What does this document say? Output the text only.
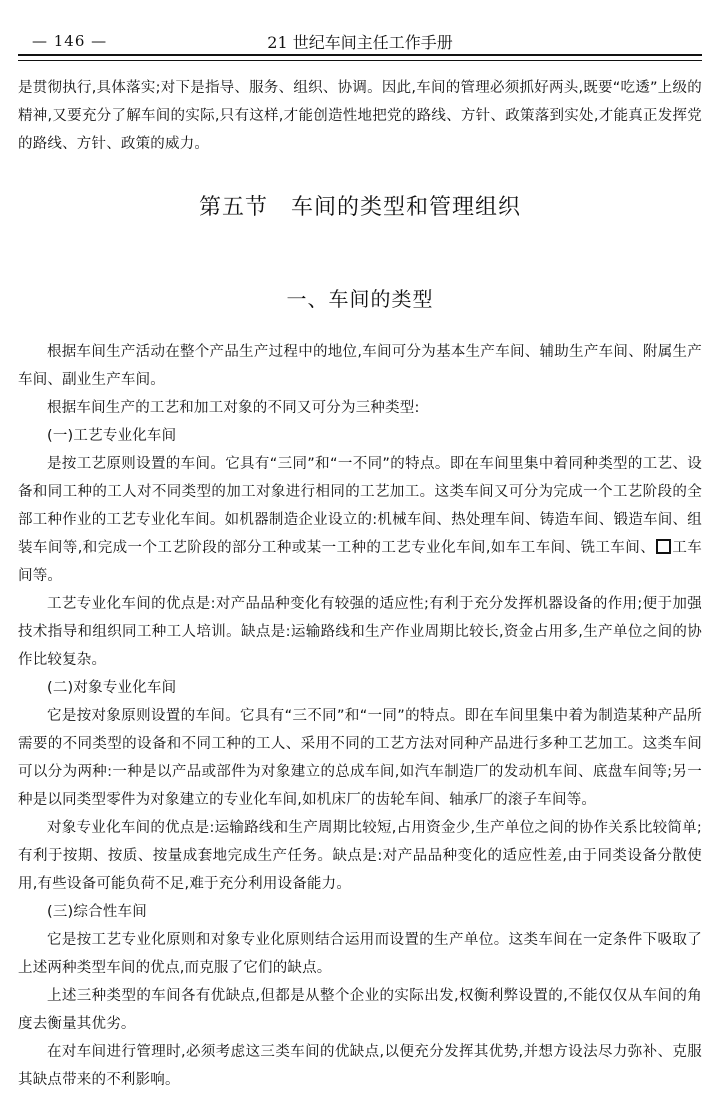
— 146 —	21 世纪车间主任工作手册

是贯彻执行,具体落实;对下是指导、服务、组织、协调。因此,车间的管理必须抓好两头,既要“吃透”上级的精神,又要充分了解车间的实际,只有这样,才能创造性地把党的路线、方针、政策落到实处,才能真正发挥党的路线、方针、政策的威力。

第五节　车间的类型和管理组织
一、车间的类型

根据车间生产活动在整个产品生产过程中的地位,车间可分为基本生产车间、辅助生产车间、附属生产车间、副业生产车间。

根据车间生产的工艺和加工对象的不同又可分为三种类型:

(一)工艺专业化车间

是按工艺原则设置的车间。它具有“三同”和“一不同”的特点。即在车间里集中着同种类型的工艺、设备和同工种的工人对不同类型的加工对象进行相同的工艺加工。这类车间又可分为完成一个工艺阶段的全部工种作业的工艺专业化车间。如机器制造企业设立的:机械车间、热处理车间、铸造车间、锻造车间、组装车间等,和完成一个工艺阶段的部分工种或某一工种的工艺专业化车间,如车工车间、铣工车间、 工车间等。

工艺专业化车间的优点是:对产品品种变化有较强的适应性;有利于充分发挥机器设备的作用;便于加强技术指导和组织同工种工人培训。缺点是:运输路线和生产作业周期比较长,资金占用多,生产单位之间的协作比较复杂。

(二)对象专业化车间

它是按对象原则设置的车间。它具有“三不同”和“一同”的特点。即在车间里集中着为制造某种产品所需要的不同类型的设备和不同工种的工人、采用不同的工艺方法对同种产品进行多种工艺加工。这类车间可以分为两种:一种是以产品或部件为对象建立的总成车间,如汽车制造厂的发动机车间、底盘车间等;另一种是以同类型零件为对象建立的专业化车间,如机床厂的齿轮车间、轴承厂的滚子车间等。

对象专业化车间的优点是:运输路线和生产周期比较短,占用资金少,生产单位之间的协作关系比较简单;有利于按期、按质、按量成套地完成生产任务。缺点是:对产品品种变化的适应性差,由于同类设备分散使用,有些设备可能负荷不足,难于充分利用设备能力。

(三)综合性车间

它是按工艺专业化原则和对象专业化原则结合运用而设置的生产单位。这类车间在一定条件下吸取了上述两种类型车间的优点,而克服了它们的缺点。

上述三种类型的车间各有优缺点,但都是从整个企业的实际出发,权衡利弊设置的,不能仅仅从车间的角度去衡量其优劣。

在对车间进行管理时,必须考虑这三类车间的优缺点,以便充分发挥其优势,并想方设法尽力弥补、克服其缺点带来的不利影响。
